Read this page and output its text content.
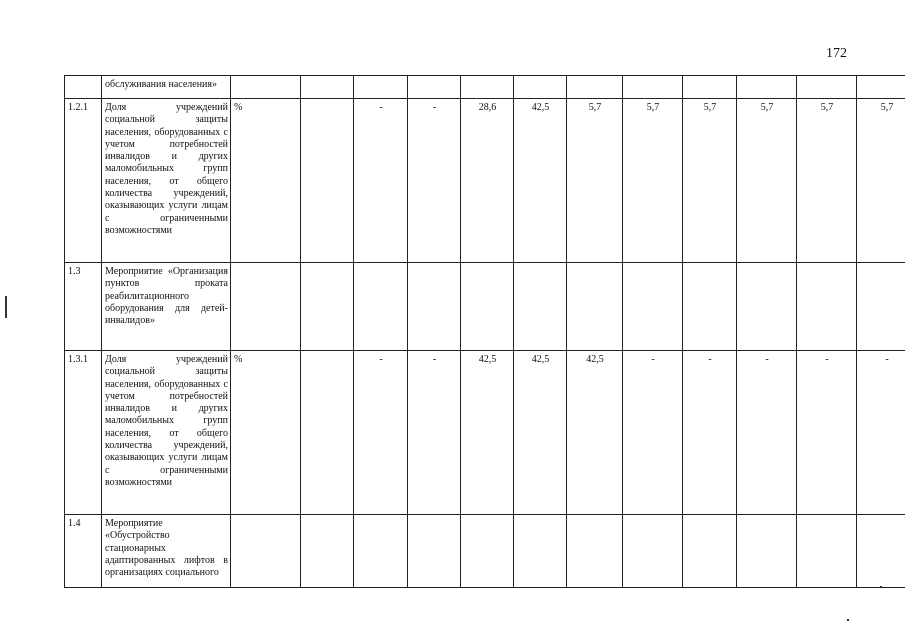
172
	обслуживания населения»												
1.2.1	Доля учреждений социальной защиты населения, оборудованных с учетом потребностей инвалидов и других маломобильных групп населения, от общего количества учреждений, оказывающих услуги лицам с ограниченными возможностями	%		-	-	28,6	42,5	5,7	5,7	5,7	5,7	5,7	5,7
1.3	Мероприятие «Организация пунктов проката реабилитационного оборудования для детей-инвалидов»												
1.3.1	Доля учреждений социальной защиты населения, оборудованных с учетом потребностей инвалидов и других маломобильных групп населения, от общего количества учреждений, оказывающих услуги лицам с ограниченными возможностями	%		-	-	42,5	42,5	42,5	-	-	-	-	-
1.4	Мероприятие «Обустройство стационарных адаптированных лифтов в организациях социального												
